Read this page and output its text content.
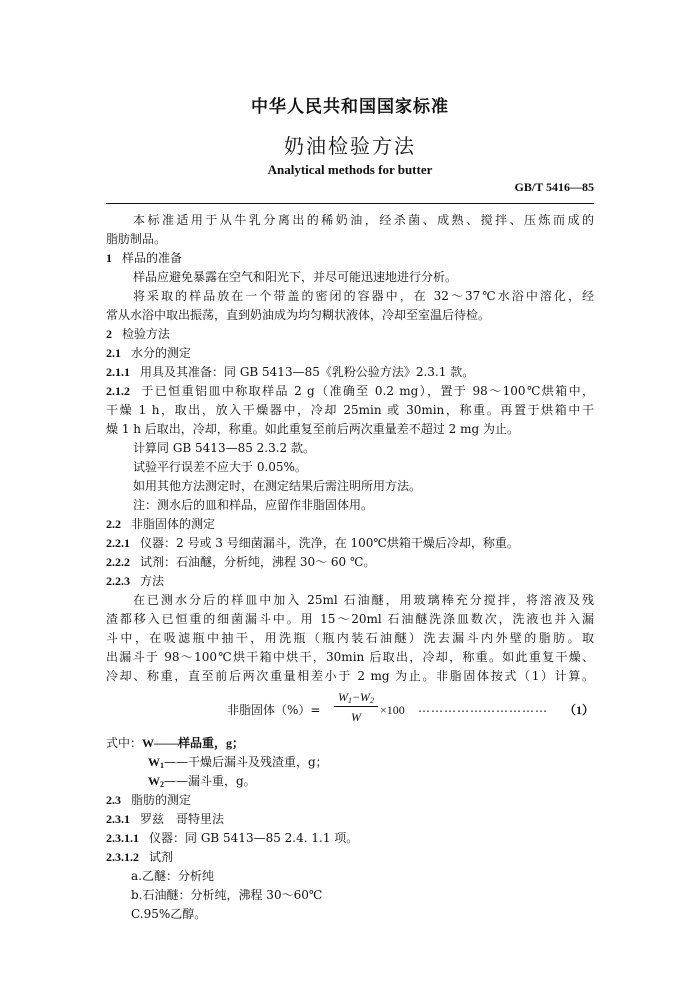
中华人民共和国国家标准
奶油检验方法
Analytical methods for butter
GB/T 5416—85
本标准适用于从牛乳分离出的稀奶油，经杀菌、成熟、搅拌、压炼而成的
脂肪制品。
1 样品的准备
样品应避免暴露在空气和阳光下，并尽可能迅速地进行分析。
将采取的样品放在一个带盖的密闭的容器中，在 32～37℃水浴中溶化，经
常从水浴中取出振荡，直到奶油成为均匀糊状液体，冷却至室温后待检。
2 检验方法
2.1 水分的测定
2.1.1 用具及其准备：同 GB 5413—85《乳粉公验方法》2.3.1 款。
2.1.2 于已恒重铝皿中称取样品 2 g（准确至 0.2 mg），置于 98～100℃烘箱中，
干燥 1 h，取出，放入干燥器中，冷却 25min 或 30min，称重。再置于烘箱中干
燥 1 h 后取出，冷却，称重。如此重复至前后两次重量差不超过 2 mg 为止。
计算同 GB 5413—85 2.3.2 款。
试验平行误差不应大于 0.05%。
如用其他方法测定时，在测定结果后需注明所用方法。
注：测水后的皿和样品，应留作非脂固体用。
2.2 非脂固体的测定
2.2.1 仪器：2 号或 3 号细菌漏斗，洗净，在 100℃烘箱干燥后冷却，称重。
2.2.2 试剂：石油醚，分析纯，沸程 30～ 60 ℃。
2.2.3 方法
在已测水分后的样皿中加入 25ml 石油醚，用玻璃棒充分搅拌，将溶液及残
渣都移入已恒重的细菌漏斗中。用 15～20ml 石油醚洗涤皿数次，洗液也并入漏
斗中，在吸滤瓶中抽干，用洗瓶（瓶内装石油醚）洗去漏斗内外壁的脂肪。取
出漏斗于 98～100℃烘干箱中烘干，30min 后取出，冷却，称重。如此重复干燥、
冷却、称重，直至前后两次重量相差小于 2 mg 为止。非脂固体按式（1）计算。
非脂固体（%）= $\frac{W_1-W_2}{W} \times 100$ ………………………… （1）
式中：W——样品重，g；
$W_1——$干燥后漏斗及残渣重，g；
$W_2——$漏斗重，g。
2.3 脂肪的测定
2.3.1 罗兹　哥特里法
2.3.1.1 仪器：同 GB 5413—85 2.4. 1.1 项。
2.3.1.2 试剂
a.乙醚：分析纯
b.石油醚：分析纯，沸程 30～60℃
C.95%乙醇。
